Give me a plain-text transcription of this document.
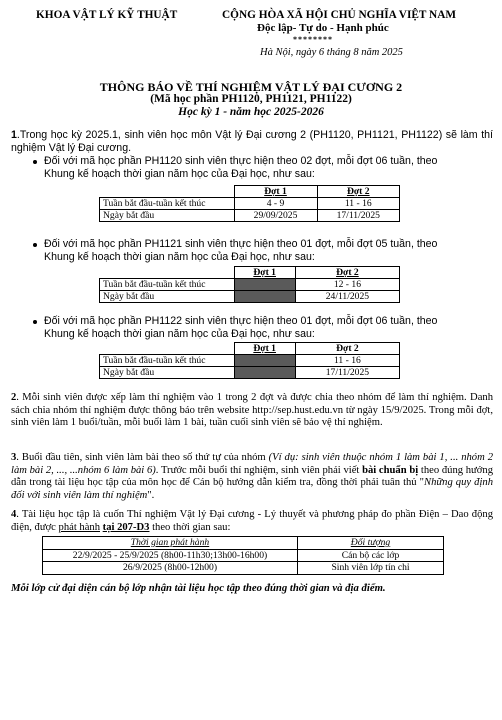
KHOA VẬT LÝ KỸ THUẬT	CỘNG HÒA XÃ HỘI CHỦ NGHĨA VIỆT NAM
Độc lập- Tự do - Hạnh phúc
********
Hà Nội, ngày 6 tháng 8 năm 2025
THÔNG BÁO VỀ THÍ NGHIỆM VẬT LÝ ĐẠI CƯƠNG 2
(Mã học phần PH1120, PH1121, PH1122)
Học kỳ 1 - năm học 2025-2026
1.Trong học kỳ 2025.1, sinh viên học môn Vật lý Đại cương 2 (PH1120, PH1121, PH1122) sẽ làm thí nghiệm Vật lý Đại cương.
Đối với mã học phần PH1120 sinh viên thực hiện theo 02 đợt, mỗi đợt 06 tuần, theo
Khung kế hoạch thời gian năm học của Đại học, như sau:
	Đợt 1	Đợt 2
Tuần bắt đầu-tuần kết thúc	4 - 9	11 - 16
Ngày bắt đầu	29/09/2025	17/11/2025
Đối với mã học phần PH1121 sinh viên thực hiện theo 01 đợt, mỗi đợt 05 tuần, theo
Khung kế hoạch thời gian năm học của Đại học, như sau:
	Đợt 1	Đợt 2
Tuần bắt đầu-tuần kết thúc		12 - 16
Ngày bắt đầu		24/11/2025
Đối với mã học phần PH1122 sinh viên thực hiện theo 01 đợt, mỗi đợt 06 tuần, theo
Khung kế hoạch thời gian năm học của Đại học, như sau:
	Đợt 1	Đợt 2
Tuần bắt đầu-tuần kết thúc		11 - 16
Ngày bắt đầu		17/11/2025
2. Mỗi sinh viên được xếp làm thí nghiệm vào 1 trong 2 đợt và được chia theo nhóm để làm thí nghiệm. Danh sách chia nhóm thí nghiệm được thông báo trên website http://sep.hust.edu.vn từ ngày 15/9/2025. Trong mỗi đợt, sinh viên làm 1 buổi/tuần, mỗi buổi làm 1 bài, tuần cuối sinh viên sẽ bảo vệ thí nghiệm.
3. Buổi đầu tiên, sinh viên làm bài theo số thứ tự của nhóm (Ví dụ: sinh viên thuộc nhóm 1 làm bài 1, ... nhóm 2 làm bài 2, ..., ...nhóm 6 làm bài 6). Trước mỗi buổi thí nghiệm, sinh viên phải viết bài chuẩn bị theo đúng hướng dẫn trong tài liệu học tập của môn học để Cán bộ hướng dẫn kiểm tra, đồng thời phải tuân thủ "Những quy định đối với sinh viên làm thí nghiệm".
4. Tài liệu học tập là cuốn Thí nghiệm Vật lý Đại cương - Lý thuyết và phương pháp đo phần Điện – Dao động điện, được phát hành tại 207-D3 theo thời gian sau:
Thời gian phát hành	Đối tượng
22/9/2025 - 25/9/2025 (8h00-11h30;13h00-16h00)	Cán bộ các lớp
26/9/2025 (8h00-12h00)	Sinh viên lớp tín chỉ
Mỗi lớp cử đại diện cán bộ lớp nhận tài liệu học tập theo đúng thời gian và địa điểm.
